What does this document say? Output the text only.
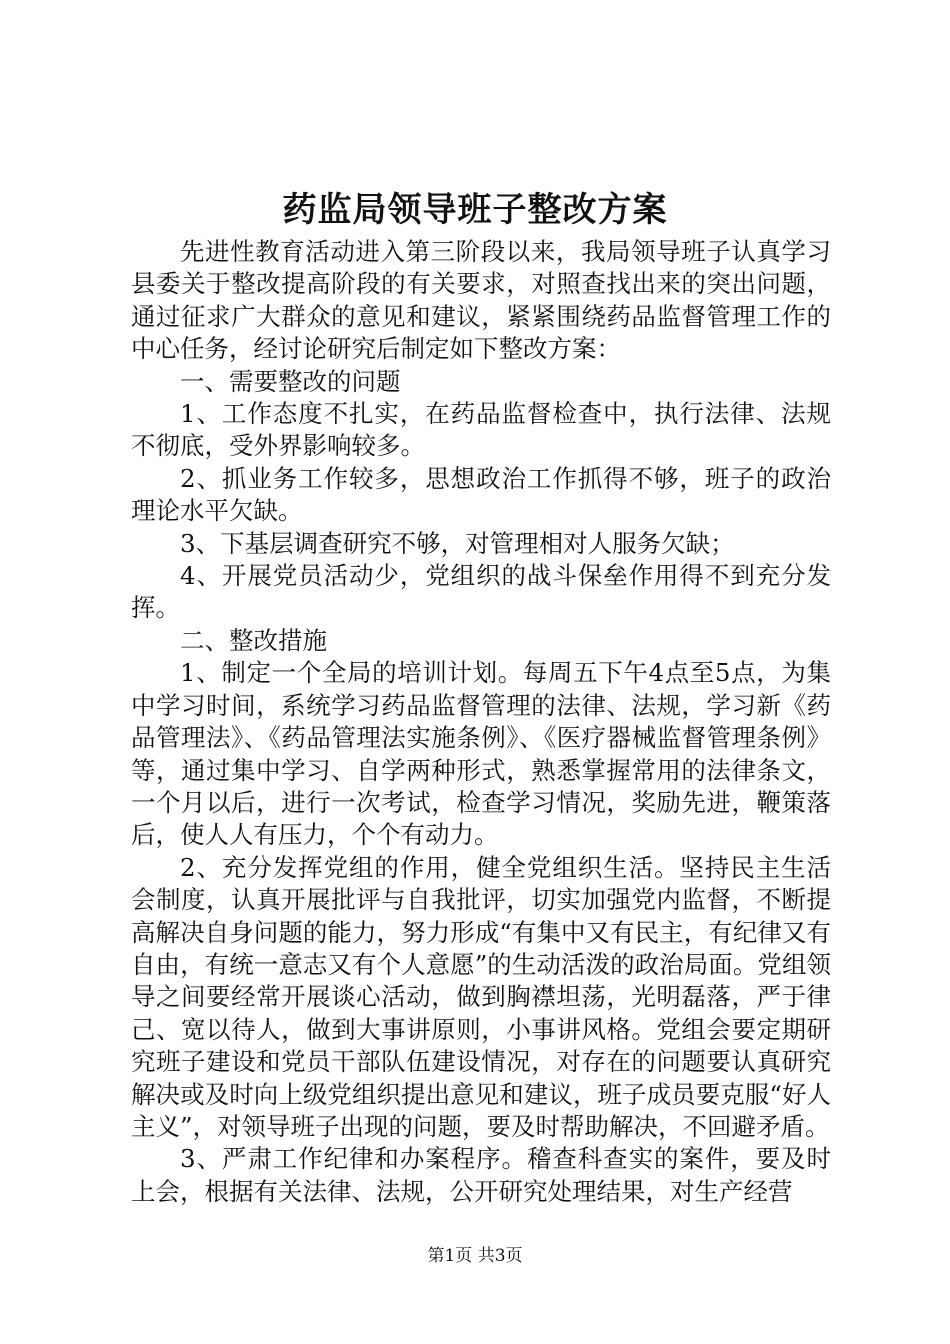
药监局领导班子整改方案

先进性教育活动进入第三阶段以来，我局领导班子认真学习县委关于整改提高阶段的有关要求，对照查找出来的突出问题，通过征求广大群众的意见和建议，紧紧围绕药品监督管理工作的中心任务，经讨论研究后制定如下整改方案：

一、需要整改的问题

1、工作态度不扎实，在药品监督检查中，执行法律、法规不彻底，受外界影响较多。

2、抓业务工作较多，思想政治工作抓得不够，班子的政治理论水平欠缺。

3、下基层调查研究不够，对管理相对人服务欠缺；

4、开展党员活动少，党组织的战斗保垒作用得不到充分发挥。

二、整改措施

1、制定一个全局的培训计划。每周五下午4点至5点，为集中学习时间，系统学习药品监督管理的法律、法规，学习新《药品管理法》、《药品管理法实施条例》、《医疗器械监督管理条例》等，通过集中学习、自学两种形式，熟悉掌握常用的法律条文，一个月以后，进行一次考试，检查学习情况，奖励先进，鞭策落后，使人人有压力，个个有动力。

2、充分发挥党组的作用，健全党组织生活。坚持民主生活会制度，认真开展批评与自我批评，切实加强党内监督，不断提高解决自身问题的能力，努力形成“有集中又有民主，有纪律又有自由，有统一意志又有个人意愿”的生动活泼的政治局面。党组领导之间要经常开展谈心活动，做到胸襟坦荡，光明磊落，严于律己、宽以待人，做到大事讲原则，小事讲风格。党组会要定期研究班子建设和党员干部队伍建设情况，对存在的问题要认真研究解决或及时向上级党组织提出意见和建议，班子成员要克服“好人主义”，对领导班子出现的问题，要及时帮助解决，不回避矛盾。

3、严肃工作纪律和办案程序。稽查科查实的案件，要及时上会，根据有关法律、法规，公开研究处理结果，对生产经营

第1页 共3页
